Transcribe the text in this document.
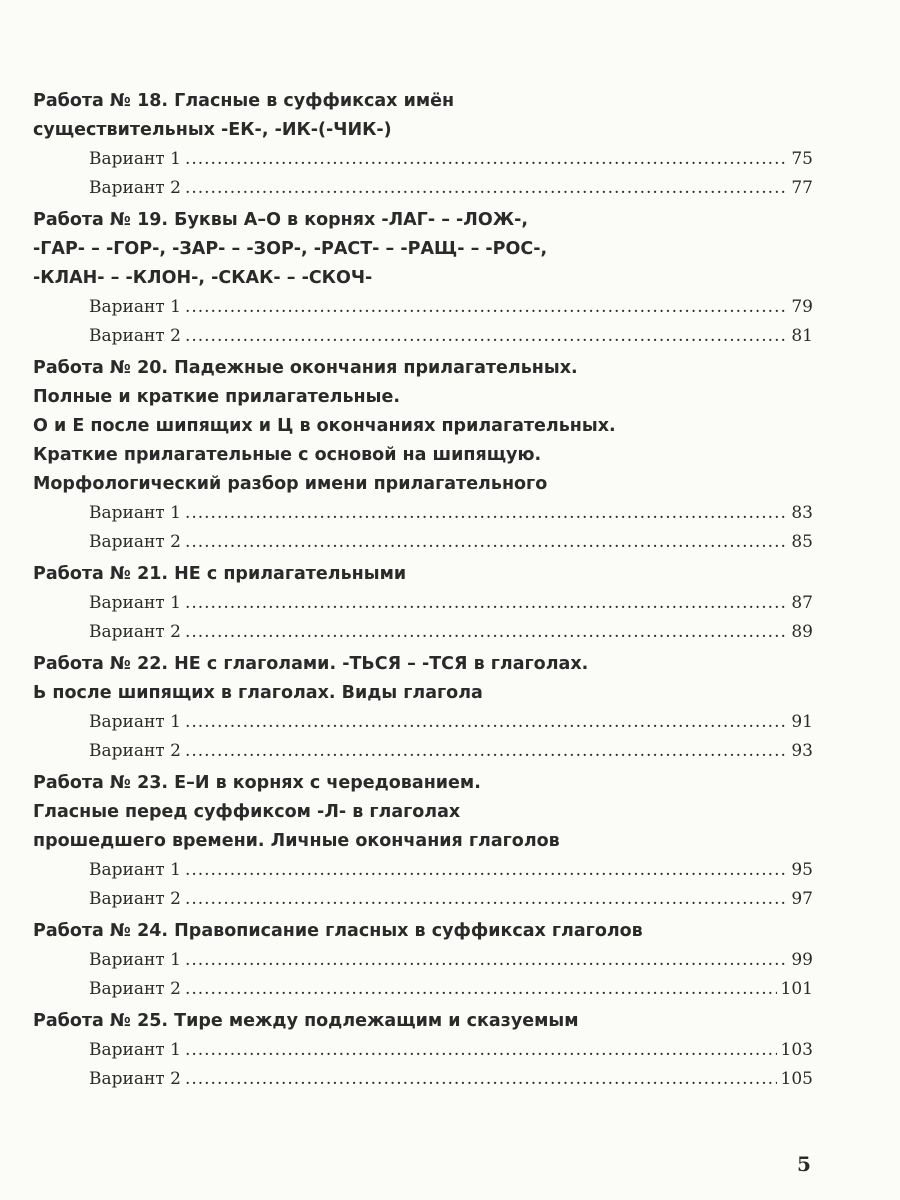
Работа № 18. Гласные в суффиксах имён
существительных -ЕК-, -ИК-(-ЧИК-)
Вариант 1 .....	75
Вариант 2 .....	77
Работа № 19. Буквы А–О в корнях -ЛАГ- – -ЛОЖ-,
-ГАР- – -ГОР-, -ЗАР- – -ЗОР-, -РАСТ- – -РАЩ- – -РОС-,
-КЛАН- – -КЛОН-, -СКАК- – -СКОЧ-
Вариант 1 .....	79
Вариант 2 .....	81
Работа № 20. Падежные окончания прилагательных.
Полные и краткие прилагательные.
О и Е после шипящих и Ц в окончаниях прилагательных.
Краткие прилагательные с основой на шипящую.
Морфологический разбор имени прилагательного
Вариант 1 .....	83
Вариант 2 .....	85
Работа № 21. НЕ с прилагательными
Вариант 1 .....	87
Вариант 2 .....	89
Работа № 22. НЕ с глаголами. -ТЬСЯ – -ТСЯ в глаголах.
Ь после шипящих в глаголах. Виды глагола
Вариант 1 .....	91
Вариант 2 .....	93
Работа № 23. Е–И в корнях с чередованием.
Гласные перед суффиксом -Л- в глаголах
прошедшего времени. Личные окончания глаголов
Вариант 1 .....	95
Вариант 2 .....	97
Работа № 24. Правописание гласных в суффиксах глаголов
Вариант 1 .....	99
Вариант 2 .....	101
Работа № 25. Тире между подлежащим и сказуемым
Вариант 1 .....	103
Вариант 2 .....	105
5
